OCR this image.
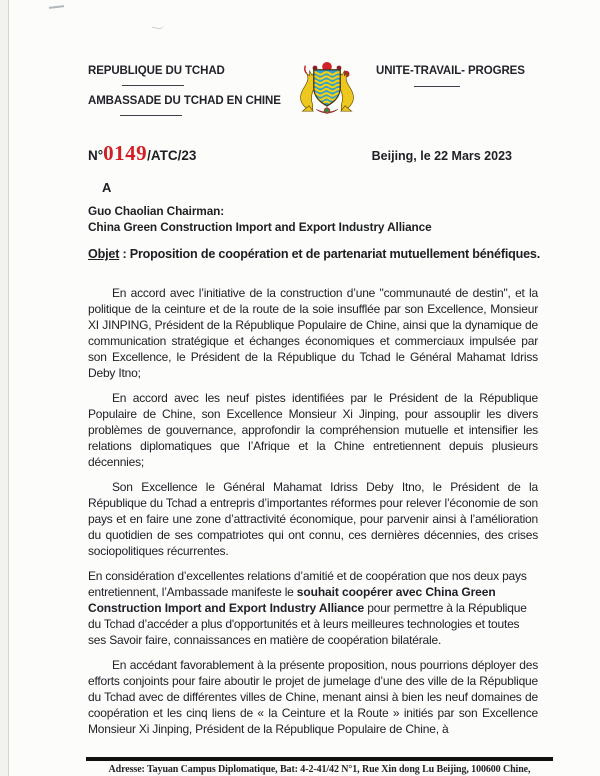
REPUBLIQUE DU TCHAD
AMBASSADE DU TCHAD EN CHINE
UNITE-TRAVAIL- PROGRES
N°0149/ATC/23	Beijing, le 22 Mars 2023
A
Guo Chaolian Chairman:
China Green Construction Import and Export Industry Alliance
Objet : Proposition de coopération et de partenariat mutuellement bénéfiques.

En accord avec l’initiative de la construction d’une "communauté de destin", et la politique de la ceinture et de la route de la soie insufflée par son Excellence, Monsieur XI JINPING, Président de la République Populaire de Chine, ainsi que la dynamique de communication stratégique et échanges économiques et commerciaux impulsée par son Excellence, le Président de la République du Tchad le Général Mahamat Idriss Deby Itno;

En accord avec les neuf pistes identifiées par le Président de la République Populaire de Chine, son Excellence Monsieur Xi Jinping, pour assouplir les divers problèmes de gouvernance, approfondir la compréhension mutuelle et intensifier les relations diplomatiques que l’Afrique et la Chine entretiennent depuis plusieurs décennies;

Son Excellence le Général Mahamat Idriss Deby Itno, le Président de la République du Tchad a entrepris d’importantes réformes pour relever l’économie de son pays et en faire une zone d’attractivité économique, pour parvenir ainsi à l’amélioration du quotidien de ses compatriotes qui ont connu, ces dernières décennies, des crises sociopolitiques récurrentes.

En considération d’excellentes relations d’amitié et de coopération que nos deux pays entretiennent, l’Ambassade manifeste le souhait coopérer avec China Green Construction Import and Export Industry Alliance pour permettre à la République du Tchad d’accéder a plus d'opportunités et à leurs meilleures technologies et toutes ses Savoir faire, connaissances en matière de coopération bilatérale.

En accédant favorablement à la présente proposition, nous pourrions déployer des efforts conjoints pour faire aboutir le projet de jumelage d’une des ville de la République du Tchad avec de différentes villes de Chine, menant ainsi à bien les neuf domaines de coopération et les cinq liens de « la Ceinture et la Route » initiés par son Excellence Monsieur Xi Jinping, Président de la République Populaire de Chine, à

Adresse: Tayuan Campus Diplomatique, Bat: 4-2-41/42 N°1, Rue Xin dong Lu Beijing, 100600 Chine,
